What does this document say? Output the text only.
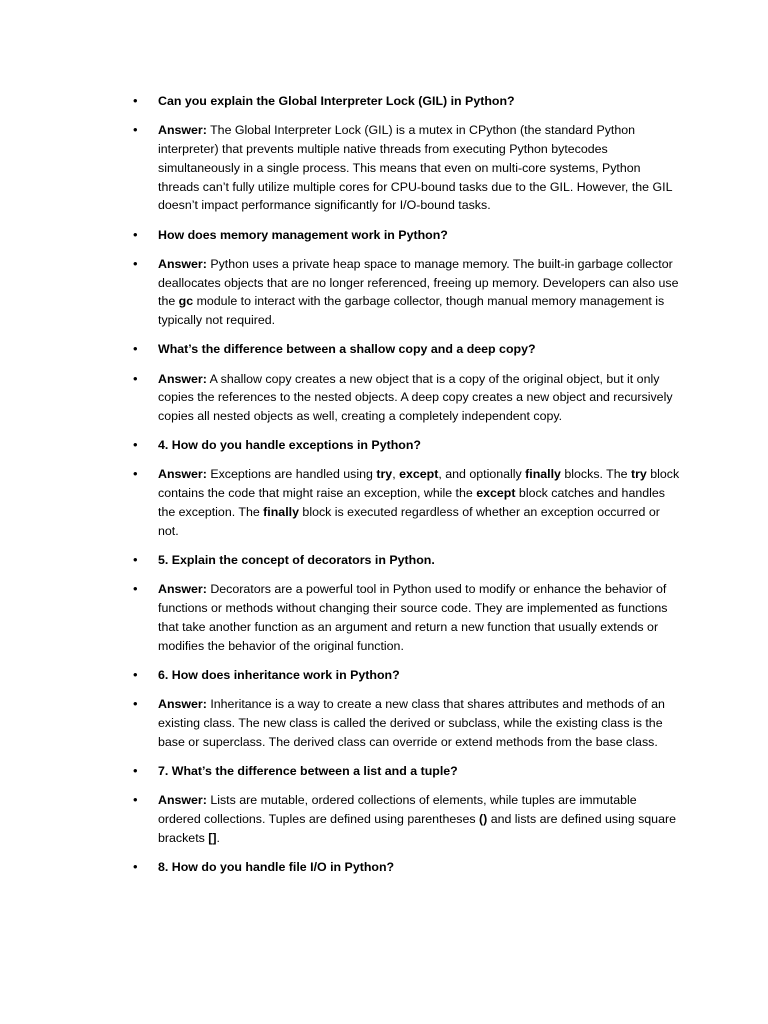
• Can you explain the Global Interpreter Lock (GIL) in Python?
• Answer: The Global Interpreter Lock (GIL) is a mutex in CPython (the standard Python interpreter) that prevents multiple native threads from executing Python bytecodes simultaneously in a single process. This means that even on multi-core systems, Python threads can’t fully utilize multiple cores for CPU-bound tasks due to the GIL. However, the GIL doesn’t impact performance significantly for I/O-bound tasks.
• How does memory management work in Python?
• Answer: Python uses a private heap space to manage memory. The built-in garbage collector deallocates objects that are no longer referenced, freeing up memory. Developers can also use the gc module to interact with the garbage collector, though manual memory management is typically not required.
• What’s the difference between a shallow copy and a deep copy?
• Answer: A shallow copy creates a new object that is a copy of the original object, but it only copies the references to the nested objects. A deep copy creates a new object and recursively copies all nested objects as well, creating a completely independent copy.
• 4. How do you handle exceptions in Python?
• Answer: Exceptions are handled using try, except, and optionally finally blocks. The try block contains the code that might raise an exception, while the except block catches and handles the exception. The finally block is executed regardless of whether an exception occurred or not.
• 5. Explain the concept of decorators in Python.
• Answer: Decorators are a powerful tool in Python used to modify or enhance the behavior of functions or methods without changing their source code. They are implemented as functions that take another function as an argument and return a new function that usually extends or modifies the behavior of the original function.
• 6. How does inheritance work in Python?
• Answer: Inheritance is a way to create a new class that shares attributes and methods of an existing class. The new class is called the derived or subclass, while the existing class is the base or superclass. The derived class can override or extend methods from the base class.
• 7. What’s the difference between a list and a tuple?
• Answer: Lists are mutable, ordered collections of elements, while tuples are immutable ordered collections. Tuples are defined using parentheses () and lists are defined using square brackets [].
• 8. How do you handle file I/O in Python?
